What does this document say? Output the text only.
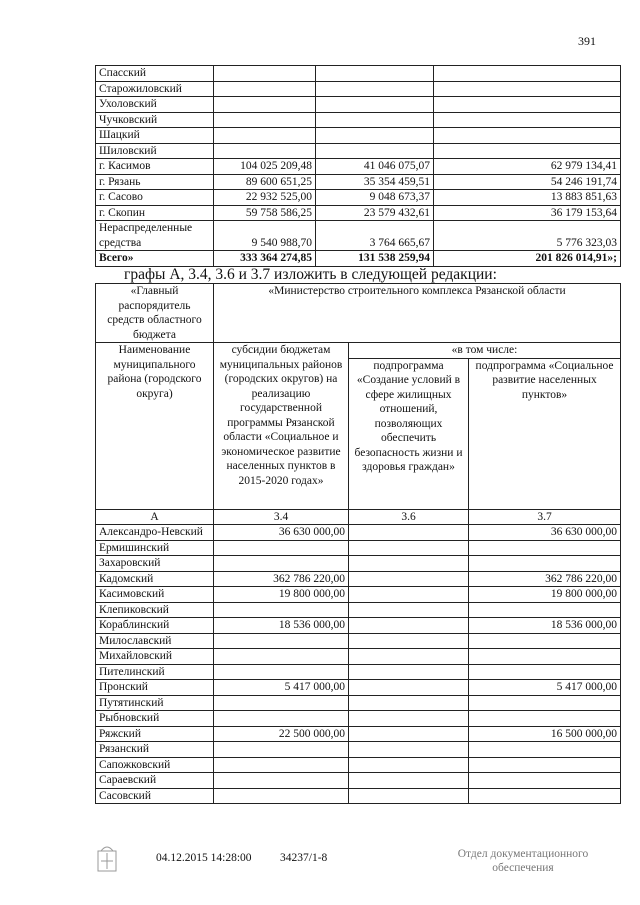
391
Спасский			
Старожиловский			
Ухоловский			
Чучковский			
Шацкий			
Шиловский			
г. Касимов	104 025 209,48	41 046 075,07	62 979 134,41
г. Рязань	89 600 651,25	35 354 459,51	54 246 191,74
г. Сасово	22 932 525,00	9 048 673,37	13 883 851,63
г. Скопин	59 758 586,25	23 579 432,61	36 179 153,64
Нераспределенные средства	9 540 988,70	3 764 665,67	5 776 323,03
Всего»	333 364 274,85	131 538 259,94	201 826 014,91»;
графы А, 3.4, 3.6 и 3.7 изложить в следующей редакции:
«Главный распорядитель средств областного бюджета	«Министерство строительного комплекса Рязанской области		
Наименование муниципального района (городского округа)	субсидии бюджетам муниципальных районов (городских округов) на реализацию государственной программы Рязанской области «Социальное и экономическое развитие населенных пунктов в 2015-2020 годах»	«в том числе:	
		подпрограмма «Создание условий в сфере жилищных отношений, позволяющих обеспечить безопасность жизни и здоровья граждан»	подпрограмма «Социальное развитие населенных пунктов»
А	3.4	3.6	3.7
Александро-Невский	36 630 000,00		36 630 000,00
Ермишинский			
Захаровский			
Кадомский	362 786 220,00		362 786 220,00
Касимовский	19 800 000,00		19 800 000,00
Клепиковский			
Кораблинский	18 536 000,00		18 536 000,00
Милославский			
Михайловский			
Пителинский			
Пронский	5 417 000,00		5 417 000,00
Путятинский			
Рыбновский			
Ряжский	22 500 000,00		16 500 000,00
Рязанский			
Сапожковский			
Сараевский			
Сасовский			
04.12.2015 14:28:00 34237/1-8	Отдел документационного
обеспечения
